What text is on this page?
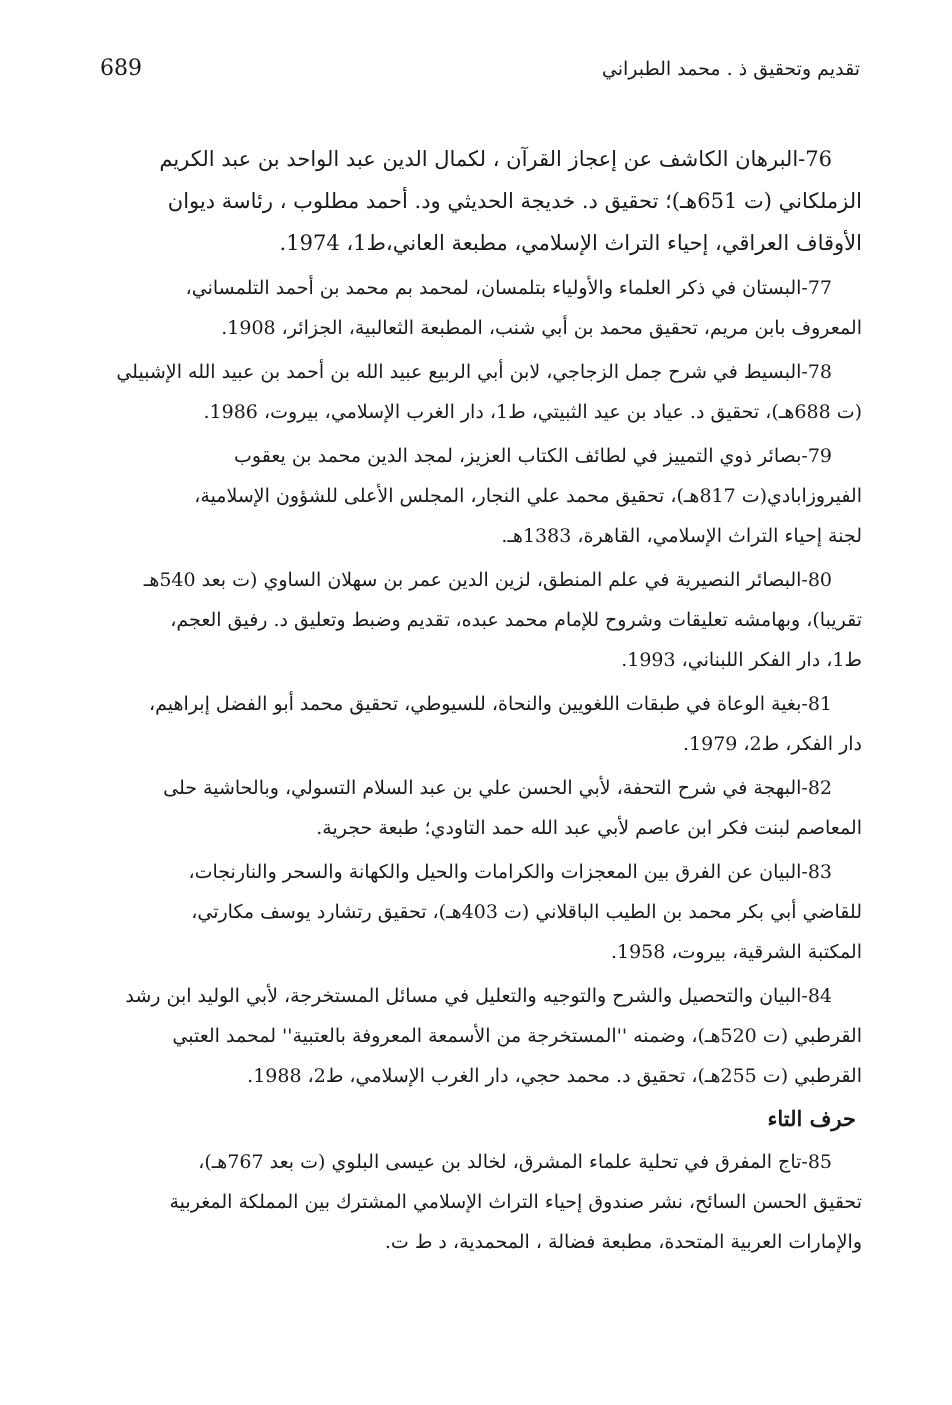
تقديم وتحقيق ذ . محمد الطبراني
689
76-البرهان الكاشف عن إعجاز القرآن ، لكمال الدين عبد الواحد بن عبد الكريم
الزملكاني (ت 651هـ)؛ تحقيق د. خديجة الحديثي ود. أحمد مطلوب ، رئاسة ديوان
الأوقاف العراقي، إحياء التراث الإسلامي، مطبعة العاني،ط1، 1974.
77-البستان في ذكر العلماء والأولياء بتلمسان، لمحمد بم محمد بن أحمد التلمساني،
المعروف بابن مريم، تحقيق محمد بن أبي شنب، المطبعة الثعالبية، الجزائر، 1908.
78-البسيط في شرح جمل الزجاجي، لابن أبي الربيع عبيد الله بن أحمد بن عبيد الله الإشبيلي
(ت 688هـ)، تحقيق د. عياد بن عيد الثبيتي، ط1، دار الغرب الإسلامي، بيروت، 1986.
79-بصائر ذوي التمييز في لطائف الكتاب العزيز، لمجد الدين محمد بن يعقوب
الفيروزابادي(ت 817هـ)، تحقيق محمد علي النجار، المجلس الأعلى للشؤون الإسلامية،
لجنة إحياء التراث الإسلامي، القاهرة، 1383هـ.
80-البصائر النصيرية في علم المنطق، لزين الدين عمر بن سهلان الساوي (ت بعد 540هـ
تقريبا)، وبهامشه تعليقات وشروح للإمام محمد عبده، تقديم وضبط وتعليق د. رفيق العجم،
ط1، دار الفكر اللبناني، 1993.
81-بغية الوعاة في طبقات اللغويين والنحاة، للسيوطي، تحقيق محمد أبو الفضل إبراهيم،
دار الفكر، ط2، 1979.
82-البهجة في شرح التحفة، لأبي الحسن علي بن عبد السلام التسولي، وبالحاشية حلى
المعاصم لبنت فكر ابن عاصم لأبي عبد الله حمد التاودي؛ طبعة حجرية.
83-البيان عن الفرق بين المعجزات والكرامات والحيل والكهانة والسحر والنارنجات،
للقاضي أبي بكر محمد بن الطيب الباقلاني (ت 403هـ)، تحقيق رتشارد يوسف مكارتي،
المكتبة الشرقية، بيروت، 1958.
84-البيان والتحصيل والشرح والتوجيه والتعليل في مسائل المستخرجة، لأبي الوليد ابن رشد
القرطبي (ت 520هـ)، وضمنه ''المستخرجة من الأسمعة المعروفة بالعتبية'' لمحمد العتبي
القرطبي (ت 255هـ)، تحقيق د. محمد حجي، دار الغرب الإسلامي، ط2، 1988.
حرف التاء
85-تاج المفرق في تحلية علماء المشرق، لخالد بن عيسى البلوي (ت بعد 767هـ)،
تحقيق الحسن السائح، نشر صندوق إحياء التراث الإسلامي المشترك بين المملكة المغربية
والإمارات العربية المتحدة، مطبعة فضالة ، المحمدية، د ط ت.
